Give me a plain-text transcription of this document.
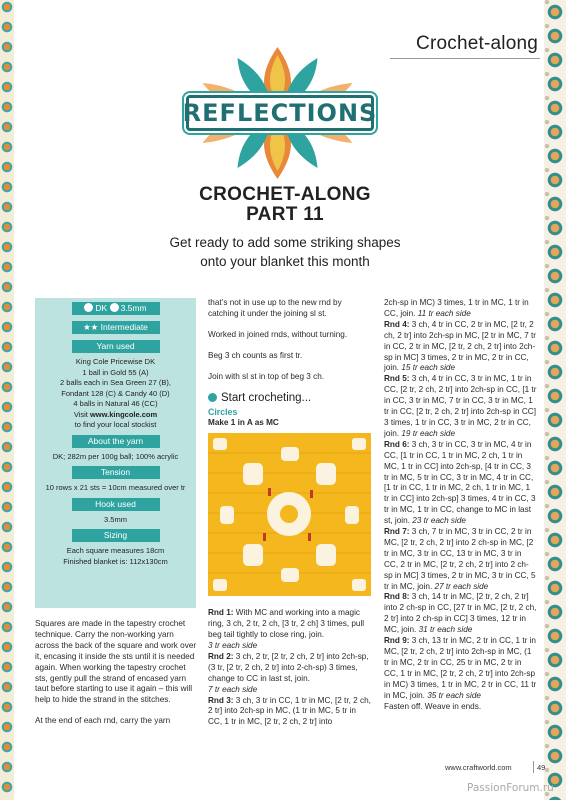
Crochet-along
REFLECTIONS
CROCHET-ALONG
PART 11
Get ready to add some striking shapes
onto your blanket this month
DK 3.5mm
★★ Intermediate
Yarn used
King Cole Pricewise DK
1 ball in Gold 55 (A)
2 balls each in Sea Green 27 (B),
Fondant 128 (C) & Candy 40 (D)
4 balls in Natural 46 (CC)
Visit www.kingcole.com
to find your local stockist
About the yarn
DK; 282m per 100g ball; 100% acrylic
Tension
10 rows x 21 sts = 10cm measured over tr
Hook used
3.5mm
Sizing
Each square measures 18cm
Finished blanket is: 112x130cm

Squares are made in the tapestry crochet technique. Carry the non-working yarn across the back of the square and work over it, encasing it inside the sts until it is needed again. When working the tapestry crochet sts, gently pull the strand of encased yarn taut before starting to use it again – this will help to hide the strand in the stitches.

At the end of each rnd, carry the yarn

that’s not in use up to the new rnd by catching it under the joining sl st.

Worked in joined rnds, without turning.

Beg 3 ch counts as first tr.

Join with sl st in top of beg 3 ch.

Start crocheting...
Circles
Make 1 in A as MC

Rnd 1: With MC and working into a magic ring, 3 ch, 2 tr, 2 ch, [3 tr, 2 ch] 3 times, pull beg tail tightly to close ring, join.
3 tr each side

Rnd 2: 3 ch, 2 tr, [2 tr, 2 ch, 2 tr] into 2ch-sp, (3 tr, [2 tr, 2 ch, 2 tr] into 2-ch-sp) 3 times, change to CC in last st, join.
7 tr each side

Rnd 3: 3 ch, 3 tr in CC, 1 tr in MC, [2 tr, 2 ch, 2 tr] into 2ch-sp in MC, (1 tr in MC, 5 tr in CC, 1 tr in MC, [2 tr, 2 ch, 2 tr] into

2ch-sp in MC) 3 times, 1 tr in MC, 1 tr in CC, join. 11 tr each side

Rnd 4: 3 ch, 4 tr in CC, 2 tr in MC, [2 tr, 2 ch, 2 tr] into 2ch-sp in MC, [2 tr in MC, 7 tr in CC, 2 tr in MC, [2 tr, 2 ch, 2 tr] into 2ch-sp in MC] 3 times, 2 tr in MC, 2 tr in CC, join. 15 tr each side

Rnd 5: 3 ch, 4 tr in CC, 3 tr in MC, 1 tr in CC, [2 tr, 2 ch, 2 tr] into 2ch-sp in CC, [1 tr in CC, 3 tr in MC, 7 tr in CC, 3 tr in MC, 1 tr in CC, [2 tr, 2 ch, 2 tr] into 2ch-sp in CC] 3 times, 1 tr in CC, 3 tr in MC, 2 tr in CC, join. 19 tr each side

Rnd 6: 3 ch, 3 tr in CC, 3 tr in MC, 4 tr in CC, [1 tr in CC, 1 tr in MC, 2 ch, 1 tr in MC, 1 tr in CC] into 2ch-sp, [4 tr in CC, 3 tr in MC, 5 tr in CC, 3 tr in MC, 4 tr in CC, [1 tr in CC, 1 tr in MC, 2 ch, 1 tr in MC, 1 tr in CC] into 2ch-sp] 3 times, 4 tr in CC, 3 tr in MC, 1 tr in CC, change to MC in last st, join. 23 tr each side

Rnd 7: 3 ch, 7 tr in MC, 3 tr in CC, 2 tr in MC, [2 tr, 2 ch, 2 tr] into 2 ch-sp in MC, [2 tr in MC, 3 tr in CC, 13 tr in MC, 3 tr in CC, 2 tr in MC, [2 tr, 2 ch, 2 tr] into 2 ch-sp in MC] 3 times, 2 tr in MC, 3 tr in CC, 5 tr in MC, join. 27 tr each side

Rnd 8: 3 ch, 14 tr in MC, [2 tr, 2 ch, 2 tr] into 2 ch-sp in CC, [27 tr in MC, [2 tr, 2 ch, 2 tr] into 2 ch-sp in CC] 3 times, 12 tr in MC, join. 31 tr each side

Rnd 9: 3 ch, 13 tr in MC, 2 tr in CC, 1 tr in MC, [2 tr, 2 ch, 2 tr] into 2ch-sp in MC, (1 tr in MC, 2 tr in CC, 25 tr in MC, 2 tr in CC, 1 tr in MC, [2 tr, 2 ch, 2 tr] into 2ch-sp in MC) 3 times, 1 tr in MC, 2 tr in CC, 11 tr in MC, join. 35 tr each side

Fasten off. Weave in ends.

www.craftworld.com	49
PassionForum.ru
